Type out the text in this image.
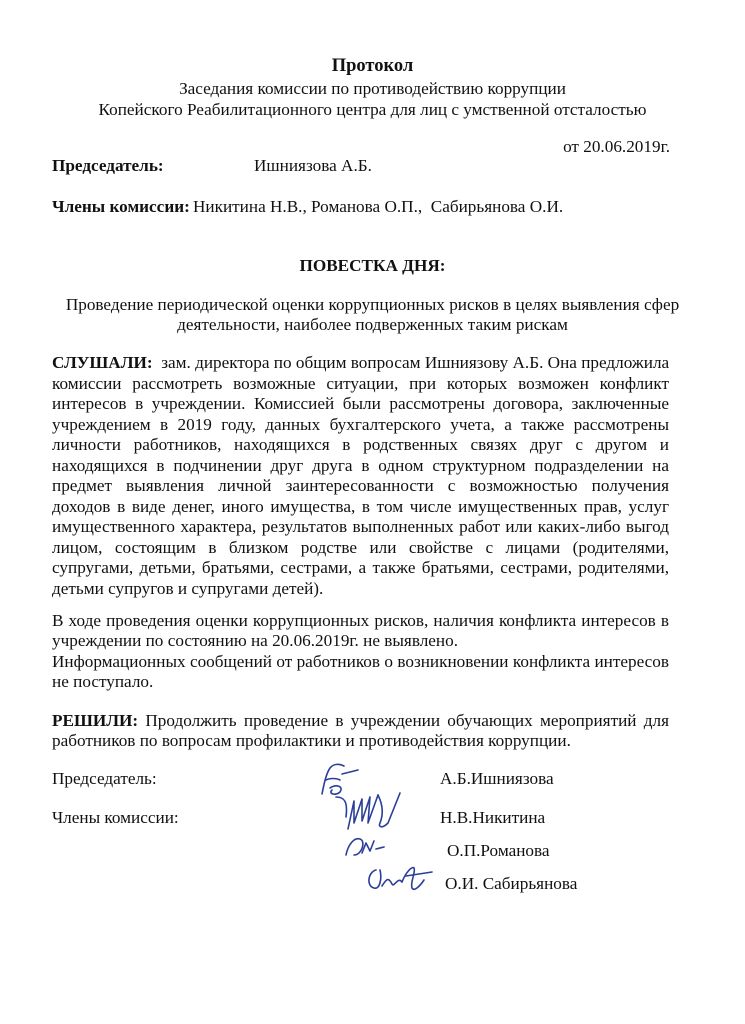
Протокол
Заседания комиссии по противодействию коррупции
Копейского Реабилитационного центра для лиц с умственной отсталостью
от 20.06.2019г.
Председатель:	Ишниязова А.Б.
Члены комиссии: Никитина Н.В., Романова О.П.,  Сабирьянова О.И.
ПОВЕСТКА ДНЯ:
Проведение периодической оценки коррупционных рисков в целях выявления сфер
деятельности, наиболее подверженных таким рискам
СЛУШАЛИ:  зам. директора по общим вопросам Ишниязову А.Б. Она предложила
комиссии рассмотреть возможные ситуации, при которых возможен конфликт
интересов в учреждении. Комиссией были рассмотрены договора, заключенные
учреждением в 2019 году, данных бухгалтерского учета, а также рассмотрены
личности работников, находящихся в родственных связях друг с другом и
находящихся в подчинении друг друга в одном структурном подразделении на
предмет выявления личной заинтересованности с возможностью получения
доходов в виде денег, иного имущества, в том числе имущественных прав, услуг
имущественного характера, результатов выполненных работ или каких-либо выгод
лицом, состоящим в близком родстве или свойстве с лицами (родителями,
супругами, детьми, братьями, сестрами, а также братьями, сестрами, родителями,
детьми супругов и супругами детей).
В ходе проведения оценки коррупционных рисков, наличия конфликта интересов в
учреждении по состоянию на 20.06.2019г. не выявлено.
Информационных сообщений от работников о возникновении конфликта интересов
не поступало.
РЕШИЛИ: Продолжить проведение в учреждении обучающих мероприятий для
работников по вопросам профилактики и противодействия коррупции.
Председатель:
Члены комиссии:
А.Б.Ишниязова
Н.В.Никитина
О.П.Романова
О.И. Сабирьянова
